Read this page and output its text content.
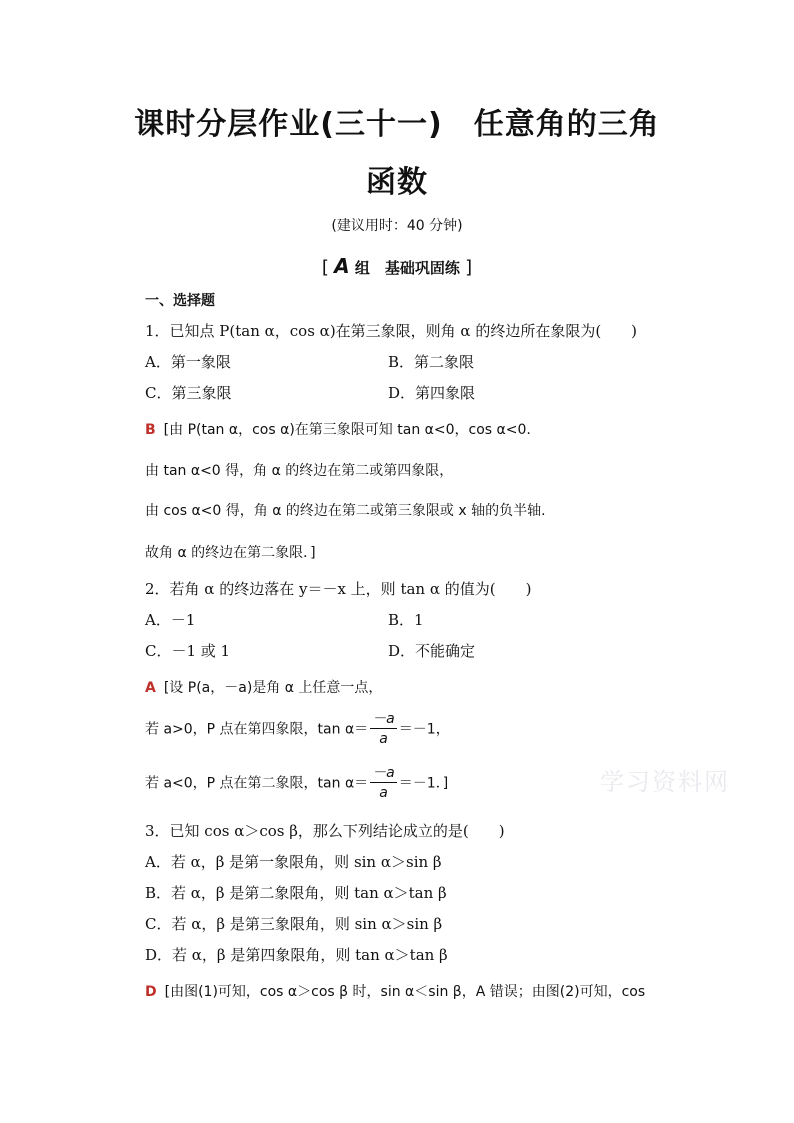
课时分层作业(三十一)　任意角的三角
函数
(建议用时：40 分钟)
[ A 组　基础巩固练 ]
一、选择题
1．已知点 P(tan α，cos α)在第三象限，则角 α 的终边所在象限为(　　)
A．第一象限	B．第二象限
C．第三象限	D．第四象限
B [由 P(tan α，cos α)在第三象限可知 tan α<0，cos α<0.
由 tan α<0 得，角 α 的终边在第二或第四象限，
由 cos α<0 得，角 α 的终边在第二或第三象限或 x 轴的负半轴.
故角 α 的终边在第二象限．]
2．若角 α 的终边落在 y＝－x 上，则 tan α 的值为(　　)
A．－1	B．1
C．－1 或 1	D．不能确定
A [设 P(a，－a)是角 α 上任意一点，
若 a>0，P 点在第四象限，$\tan \alpha= \frac{-a}{a} =-1$，
若 a<0，P 点在第二象限，$\tan \alpha= \frac{-a}{a} =-1$．]	学习资料网
3．已知 cos α＞cos β，那么下列结论成立的是(　　)
A．若 α，β 是第一象限角，则 sin α＞sin β
B．若 α，β 是第二象限角，则 tan α＞tan β
C．若 α，β 是第三象限角，则 sin α＞sin β
D．若 α，β 是第四象限角，则 tan α＞tan β
D [由图(1)可知，cos α＞cos β 时，sin α＜sin β，A 错误；由图(2)可知，cos
